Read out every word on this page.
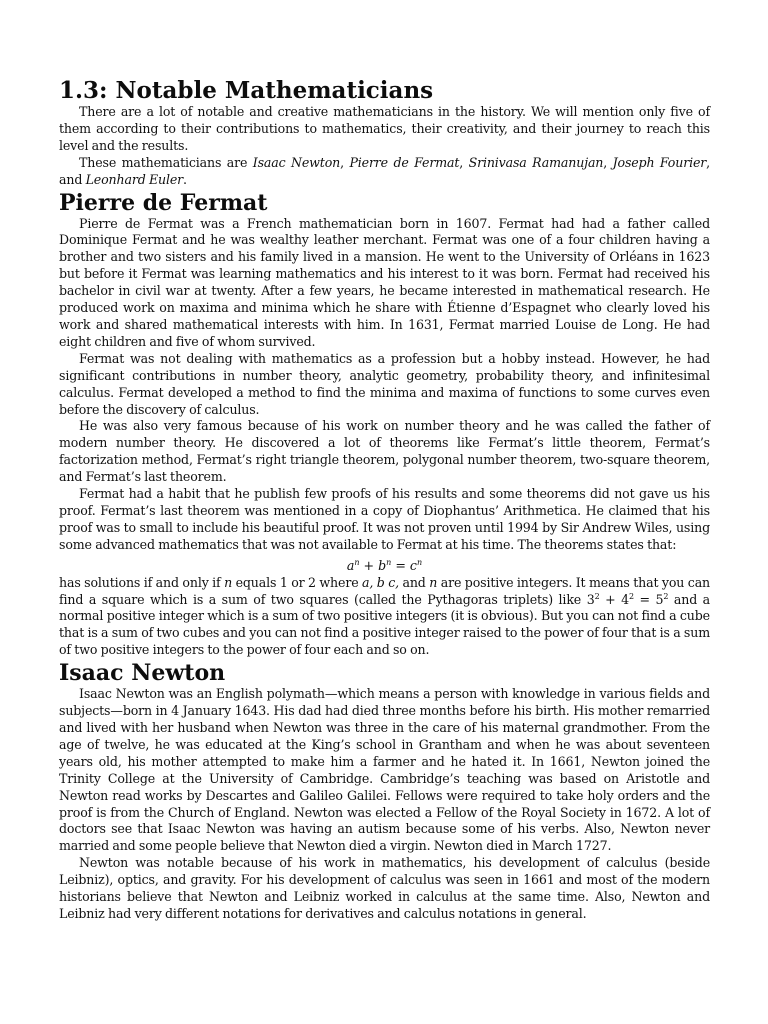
1.3: Notable Mathematicians

There are a lot of notable and creative mathematicians in the history. We will mention only five of them according to their contributions to mathematics, their creativity, and their journey to reach this level and the results.

These mathematicians are Isaac Newton, Pierre de Fermat, Srinivasa Ramanujan, Joseph Fourier, and Leonhard Euler.

Pierre de Fermat

Pierre de Fermat was a French mathematician born in 1607. Fermat had had a father called Dominique Fermat and he was wealthy leather merchant. Fermat was one of a four children having a brother and two sisters and his family lived in a mansion. He went to the University of Orléans in 1623 but before it Fermat was learning mathematics and his interest to it was born. Fermat had received his bachelor in civil war at twenty. After a few years, he became interested in mathematical research. He produced work on maxima and minima which he share with Étienne d’Espagnet who clearly loved his work and shared mathematical interests with him. In 1631, Fermat married Louise de Long. He had eight children and five of whom survived.

Fermat was not dealing with mathematics as a profession but a hobby instead. However, he had significant contributions in number theory, analytic geometry, probability theory, and infinitesimal calculus. Fermat developed a method to find the minima and maxima of functions to some curves even before the discovery of calculus.

He was also very famous because of his work on number theory and he was called the father of modern number theory. He discovered a lot of theorems like Fermat’s little theorem, Fermat’s factorization method, Fermat’s right triangle theorem, polygonal number theorem, two-square theorem, and Fermat’s last theorem.

Fermat had a habit that he publish few proofs of his results and some theorems did not gave us his proof. Fermat’s last theorem was mentioned in a copy of Diophantus’ Arithmetica. He claimed that his proof was to small to include his beautiful proof. It was not proven until 1994 by Sir Andrew Wiles, using some advanced mathematics that was not available to Fermat at his time. The theorems states that:

$a^n + b^n = c^n$

has solutions if and only if n equals 1 or 2 where a, b c, and n are positive integers. It means that you can find a square which is a sum of two squares (called the Pythagoras triplets) like $3^2 + 4^2 = 5^2$ and a normal positive integer which is a sum of two positive integers (it is obvious). But you can not find a cube that is a sum of two cubes and you can not find a positive integer raised to the power of four that is a sum of two positive integers to the power of four each and so on.

Isaac Newton

Isaac Newton was an English polymath—which means a person with knowledge in various fields and subjects—born in 4 January 1643. His dad had died three months before his birth. His mother remarried and lived with her husband when Newton was three in the care of his maternal grandmother. From the age of twelve, he was educated at the King’s school in Grantham and when he was about seventeen years old, his mother attempted to make him a farmer and he hated it. In 1661, Newton joined the Trinity College at the University of Cambridge. Cambridge’s teaching was based on Aristotle and Newton read works by Descartes and Galileo Galilei. Fellows were required to take holy orders and the proof is from the Church of England. Newton was elected a Fellow of the Royal Society in 1672. A lot of doctors see that Isaac Newton was having an autism because some of his verbs. Also, Newton never married and some people believe that Newton died a virgin. Newton died in March 1727.

Newton was notable because of his work in mathematics, his development of calculus (beside Leibniz), optics, and gravity. For his development of calculus was seen in 1661 and most of the modern historians believe that Newton and Leibniz worked in calculus at the same time. Also, Newton and Leibniz had very different notations for derivatives and calculus notations in general.
